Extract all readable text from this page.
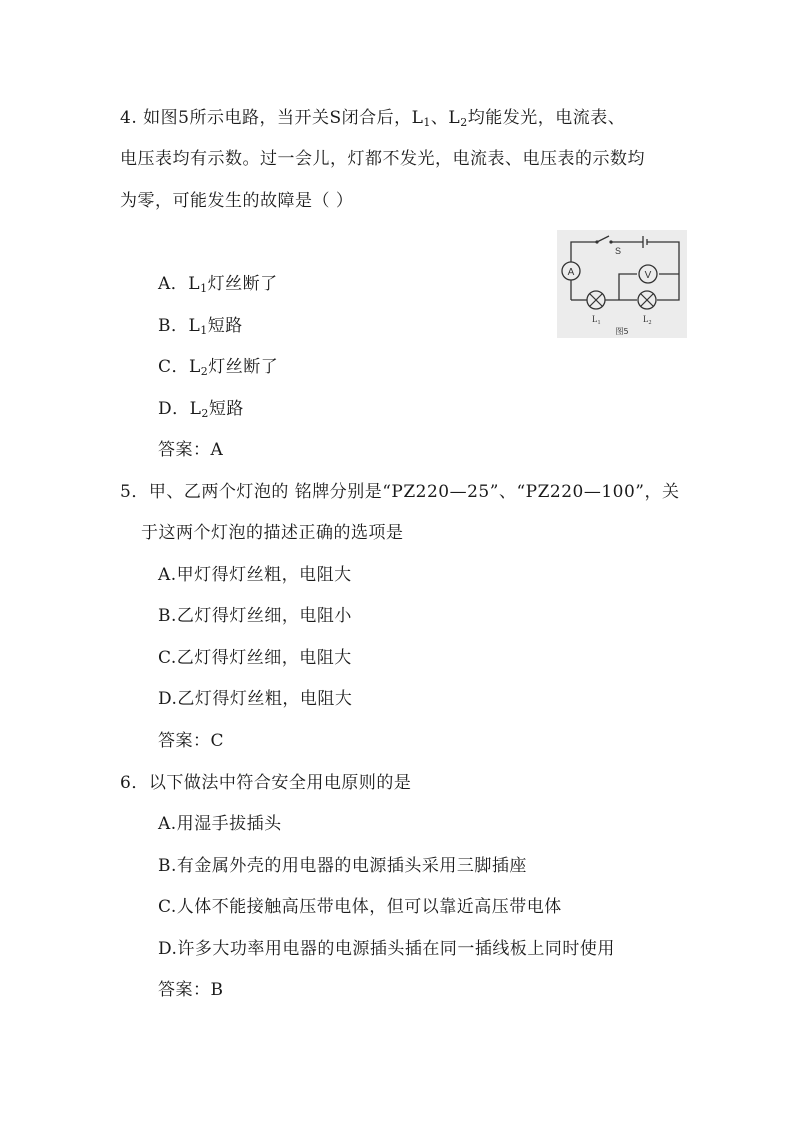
4. 如图5所示电路，当开关S闭合后，$L_1$、$L_2$均能发光，电流表、
电压表均有示数。过一会儿，灯都不发光，电流表、电压表的示数均
为零，可能发生的故障是（ ）
A	V
S
$L_1$	$L_2$
图5
A．$L_1$灯丝断了
B．$L_1$短路
C．$L_2$灯丝断了
D．$L_2$短路
答案：A
5．甲、乙两个灯泡的 铭牌分别是“PZ220—25”、“PZ220—100”，关
于这两个灯泡的描述正确的选项是
A.甲灯得灯丝粗，电阻大
B.乙灯得灯丝细，电阻小
C.乙灯得灯丝细，电阻大
D.乙灯得灯丝粗，电阻大
答案：C
6．以下做法中符合安全用电原则的是
A.用湿手拔插头
B.有金属外壳的用电器的电源插头采用三脚插座
C.人体不能接触高压带电体，但可以靠近高压带电体
D.许多大功率用电器的电源插头插在同一插线板上同时使用
答案：B
